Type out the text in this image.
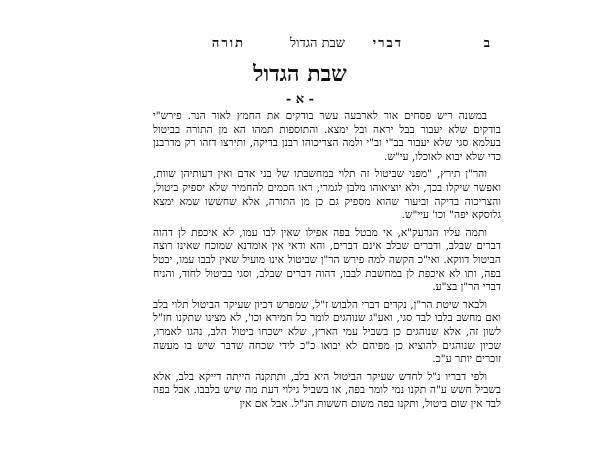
ב
דברי
שבת הגדול
תורה
שבת הגדול
- א -

במשנה ריש פסחים אור לארבעה עשר בודקים את החמץ לאור הנר. פירש"י בודקים שלא יעבור בבל יראה ובל ימצא. והתוספות תמהו הא מן התורה בביטול בעלמא סגי שלא יעבור בב"י וב"י ולמה הצריכוהו רבנן בדיקה, ותירצו דזהו רק מדרבנן כדי שלא יבוא לאוכלו, עי"ש.

והר"ן תירץ, "מפני שביטול זה תלוי במחשבתו של בני אדם ואין דעותיהן שוות, ואפשר שיקלו בכך, ולא יוציאוהו מלבן לגמרי, ראו חכמים להחמיר שלא יספיק ביטול, והצריכוה בדיקה וביעור שהוא מספיק גם כן מן התורה, אלא שחששו שמא ימצא גלוסקא יפה" וכו' עיי"ש.

ותמה עליו הגרעק"א, אי מבטל בפה אפילו שאין לבו עמו, לא איכפת לן דהוה דברים שבלב, ודברים שבלב אינם דברים, והא ודאי אין אומדנא שמוכח שאינו רוצה הביטול דווקא. ואי"כ הקשה למה פירש הר"ן שביטול אינו מועיל שאין לבבו עמו, יבטל בפה, ותו לא איכפת לן במחשבת לבבו, דהוה דברים שבלב, וסגי בביטול לחוד, והניח דברי הר"ן בצ"ע.

ולבאר שיטת הר"ן, נקדים דברי הלבוש ז"ל, שמפרש דכיון שעיקר הביטול תלוי בלב ואם מחשב בלבו לבד סגי, ואע"ג שנוהגים לומר כל חמירא וכו', לא מצינו שתקנו חז"ל לשון זה, אלא שנוהגים כן בשביל עמי הארץ, שלא ישכחו ביטול הלב, נהגו לאמרו, שכיון שנוהגים להוציא כן מפיהם לא יבואו כ"כ לידי שכחה שדבר שיש בו מעשה זוכרים יותר ע"כ.

ולפי דבריו נ"ל לחדש שעיקר הביטול היא בלב, ותתקנה הייתה דייקא בלב, אלא בשביל חשש ע"ה תקנו נמי לומר בפה, או בשביל גילוי דעת מה שיש בלבבו. אבל בפה לבד אין שום ביטול, ותקנו בפה משום חששות הנ"ל. אבל אם אין
